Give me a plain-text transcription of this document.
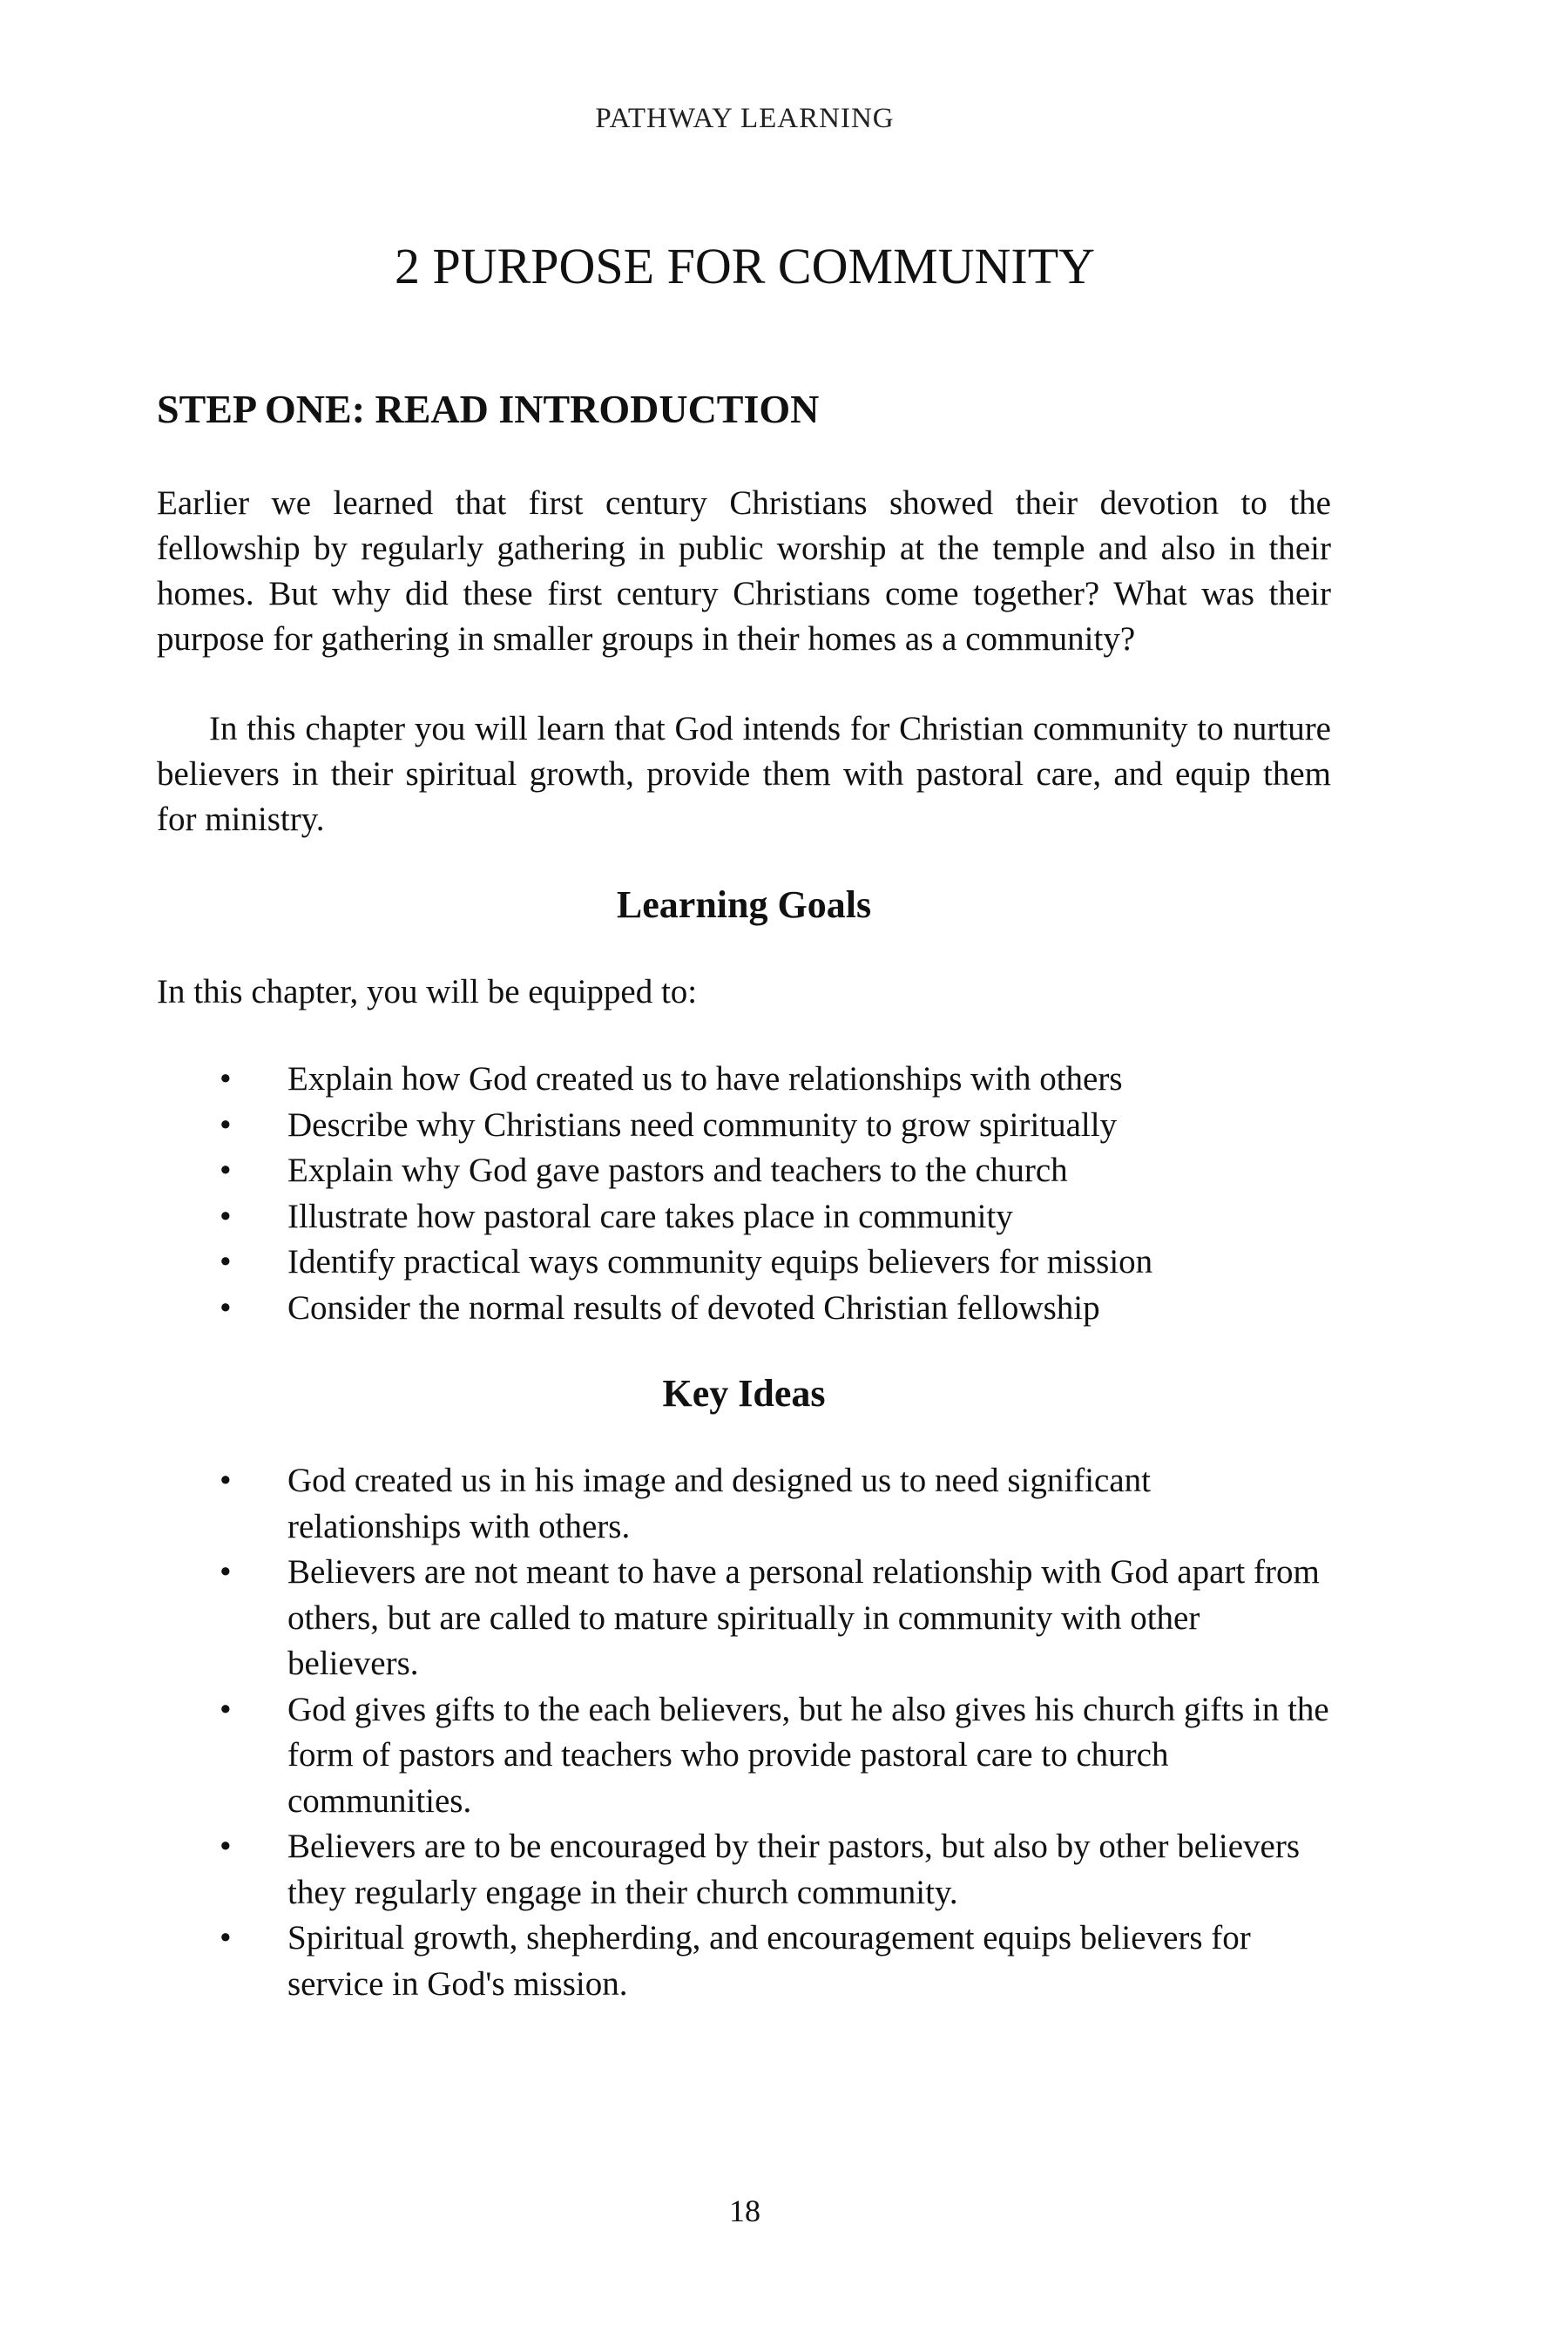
PATHWAY LEARNING
2 PURPOSE FOR COMMUNITY
STEP ONE: READ INTRODUCTION

Earlier we learned that first century Christians showed their devotion to the fellowship by regularly gathering in public worship at the temple and also in their homes. But why did these first century Christians come together? What was their purpose for gathering in smaller groups in their homes as a community?

In this chapter you will learn that God intends for Christian community to nurture believers in their spiritual growth, provide them with pastoral care, and equip them for ministry.

Learning Goals

In this chapter, you will be equipped to:

• Explain how God created us to have relationships with others
• Describe why Christians need community to grow spiritually
• Explain why God gave pastors and teachers to the church
• Illustrate how pastoral care takes place in community
• Identify practical ways community equips believers for mission
• Consider the normal results of devoted Christian fellowship
Key Ideas
• God created us in his image and designed us to need significant relationships with others.
• Believers are not meant to have a personal relationship with God apart from others, but are called to mature spiritually in community with other believers.
• God gives gifts to the each believers, but he also gives his church gifts in the form of pastors and teachers who provide pastoral care to church communities.
• Believers are to be encouraged by their pastors, but also by other believers they regularly engage in their church community.
• Spiritual growth, shepherding, and encouragement equips believers for service in God's mission.
18
